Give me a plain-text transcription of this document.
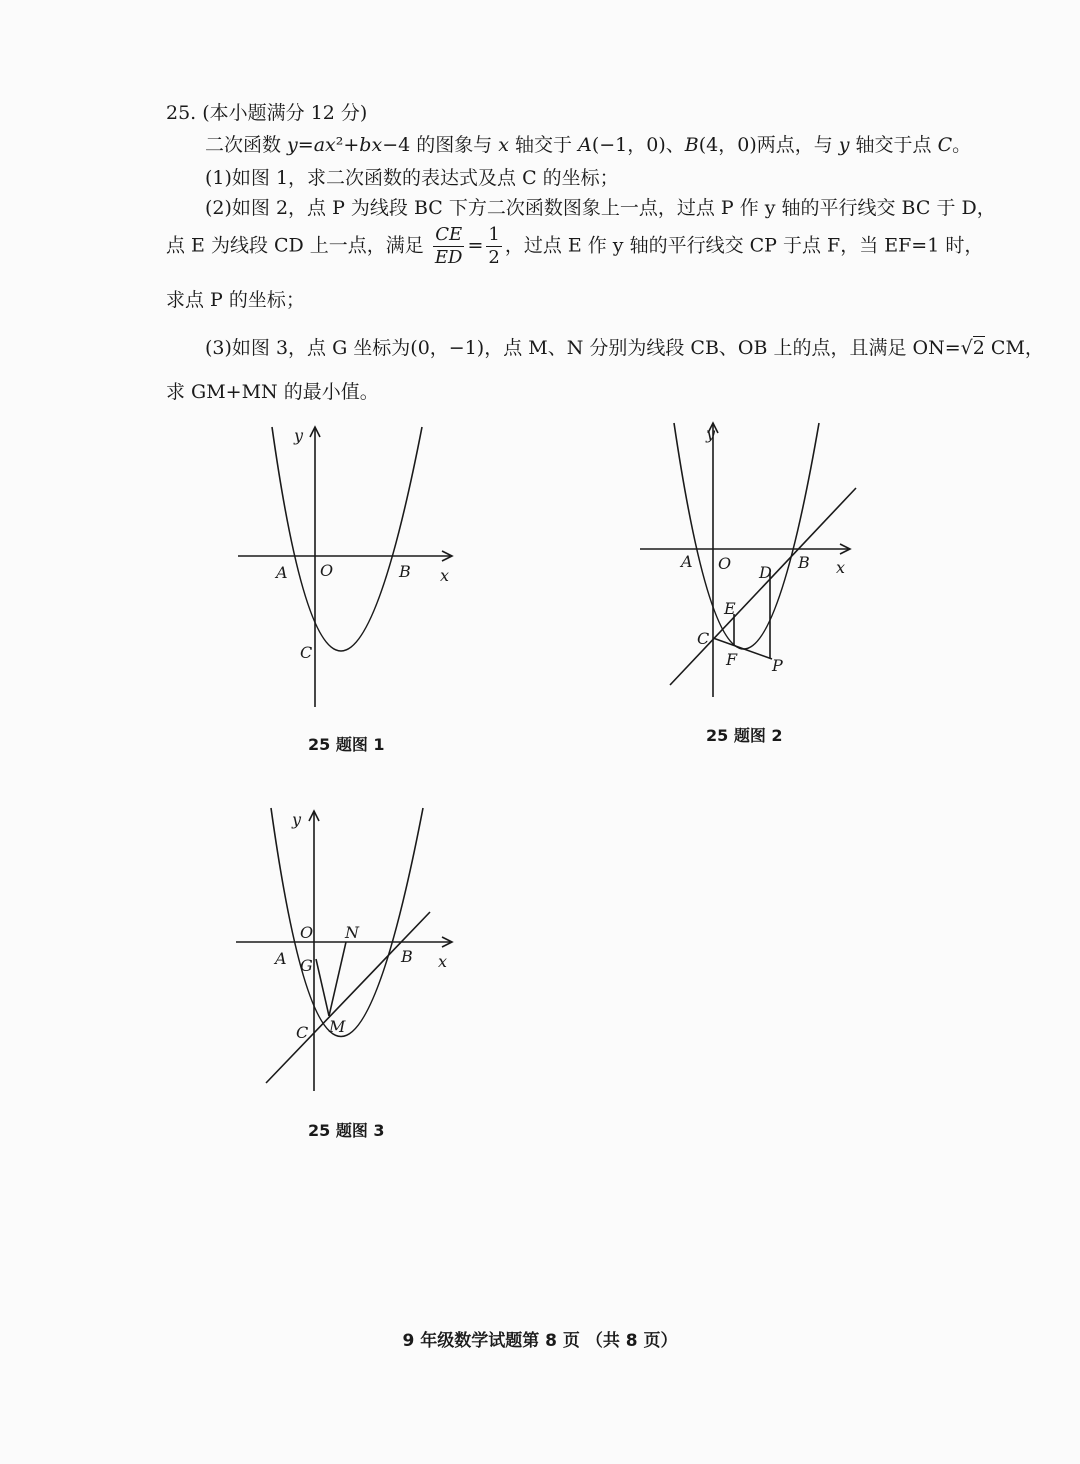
25. (本小题满分 12 分)
二次函数 y=ax²+bx−4 的图象与 x 轴交于 A(−1，0)、B(4，0)两点，与 y 轴交于点 C。
(1)如图 1，求二次函数的表达式及点 C 的坐标；
(2)如图 2，点 P 为线段 BC 下方二次函数图象上一点，过点 P 作 y 轴的平行线交 BC 于 D，
点 E 为线段 CD 上一点，满足 $\frac{CE}{ED} = \frac{1}{2}$ ，过点 E 作 y 轴的平行线交 CP 于点 F，当 EF=1 时，
求点 P 的坐标；
(3)如图 3，点 G 坐标为(0，−1)，点 M、N 分别为线段 CB、OB 上的点，且满足 ON=√2 CM，
求 GM+MN 的最小值。
y
x
A O	B
C
25 题图 1
y
x
A O	B
D
E
C
F P
25 题图 2
y
x
O N
A G	B
C M
25 题图 3
9 年级数学试题第 8 页 （共 8 页）
